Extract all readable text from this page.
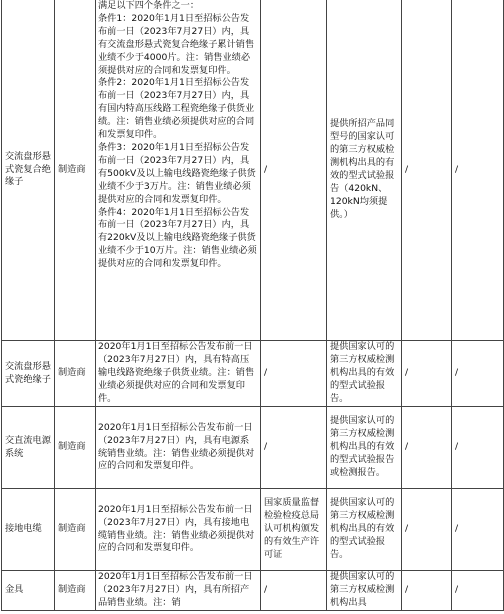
交流盘形悬式瓷复合绝缘子	制造商	满足以下四个条件之一：
条件1：2020年1月1日至招标公告发布前一日（2023年7月27日）内，具有交流盘形悬式瓷复合绝缘子累计销售业绩不少于4000片。注：销售业绩必须提供对应的合同和发票复印件。
条件2：2020年1月1日至招标公告发布前一日（2023年7月27日）内，具有国内特高压线路工程瓷绝缘子供货业绩。注：销售业绩必须提供对应的合同和发票复印件。
条件3：2020年1月1日至招标公告发布前一日（2023年7月27日）内，具有500kV及以上输电线路瓷绝缘子供货业绩不少于3万片。注：销售业绩必须提供对应的合同和发票复印件。
条件4：2020年1月1日至招标公告发布前一日（2023年7月27日）内，具有220kV及以上输电线路瓷绝缘子供货业绩不少于10万片。注：销售业绩必须提供对应的合同和发票复印件。	/	提供所招产品同型号的国家认可的第三方权威检测机构出具的有效的型式试验报告（420kN、120kN均须提供。）	/	/
交流盘形悬式瓷绝缘子	制造商	2020年1月1日至招标公告发布前一日（2023年7月27日）内，具有特高压输电线路瓷绝缘子供货业绩。注：销售业绩必须提供对应的合同和发票复印件。	/	提供国家认可的第三方权威检测机构出具的有效的型式试验报告。	/	/
交直流电源系统	制造商	2020年1月1日至招标公告发布前一日（2023年7月27日）内，具有电源系统销售业绩。注：销售业绩必须提供对应的合同和发票复印件。	/	提供国家认可的第三方权威检测机构出具的有效的型式试验报告或检测报告。	/	/
接地电缆	制造商	2020年1月1日至招标公告发布前一日（2023年7月27日）内，具有接地电缆销售业绩。注：销售业绩必须提供对应的合同和发票复印件。	国家质量监督检验检疫总局认可机构颁发的有效生产许可证	提供国家认可的第三方权威检测机构出具的有效的型式试验报告。	/	/
金具	制造商	2020年1月1日至招标公告发布前一日（2023年7月27日）内，具有所招产品销售业绩。注：销	/	提供国家认可的第三方权威检测机构出具	/	/
